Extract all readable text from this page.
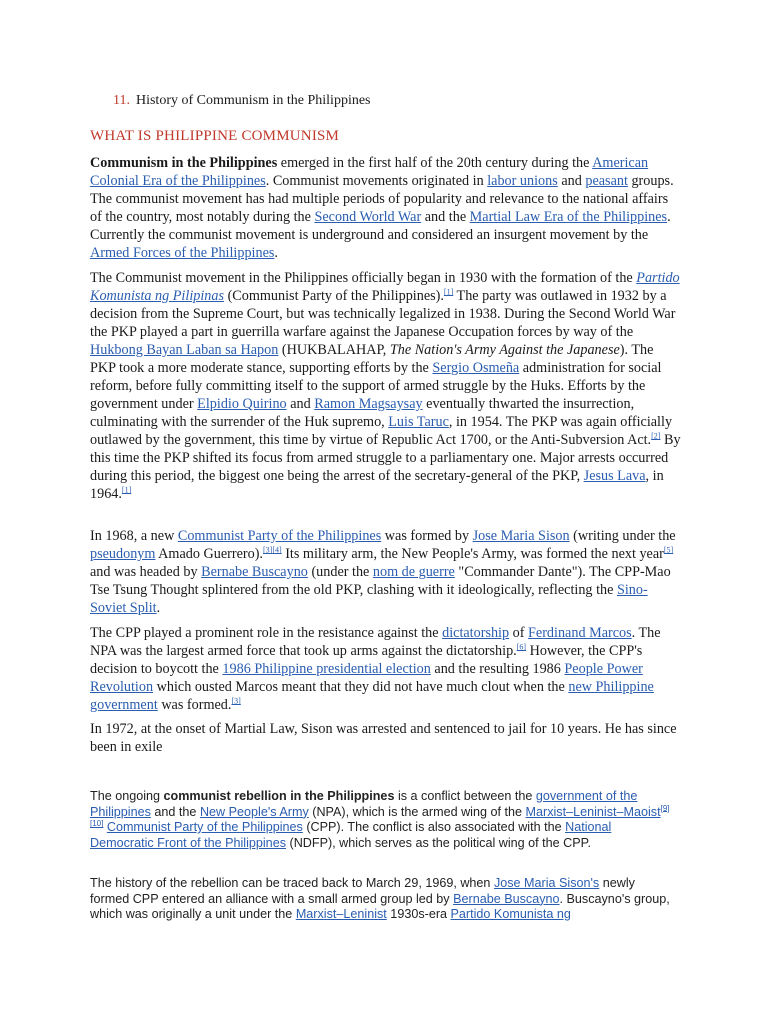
11. History of Communism in the Philippines
WHAT IS PHILIPPINE COMMUNISM
Communism in the Philippines emerged in the first half of the 20th century during the American Colonial Era of the Philippines. Communist movements originated in labor unions and peasant groups. The communist movement has had multiple periods of popularity and relevance to the national affairs of the country, most notably during the Second World War and the Martial Law Era of the Philippines. Currently the communist movement is underground and considered an insurgent movement by the Armed Forces of the Philippines.
The Communist movement in the Philippines officially began in 1930 with the formation of the Partido Komunista ng Pilipinas (Communist Party of the Philippines).[1] The party was outlawed in 1932 by a decision from the Supreme Court, but was technically legalized in 1938. During the Second World War the PKP played a part in guerrilla warfare against the Japanese Occupation forces by way of the Hukbong Bayan Laban sa Hapon (HUKBALAHAP, The Nation's Army Against the Japanese). The PKP took a more moderate stance, supporting efforts by the Sergio Osmeña administration for social reform, before fully committing itself to the support of armed struggle by the Huks. Efforts by the government under Elpidio Quirino and Ramon Magsaysay eventually thwarted the insurrection, culminating with the surrender of the Huk supremo, Luis Taruc, in 1954. The PKP was again officially outlawed by the government, this time by virtue of Republic Act 1700, or the Anti-Subversion Act.[2] By this time the PKP shifted its focus from armed struggle to a parliamentary one. Major arrests occurred during this period, the biggest one being the arrest of the secretary-general of the PKP, Jesus Lava, in 1964.[1]
In 1968, a new Communist Party of the Philippines was formed by Jose Maria Sison (writing under the pseudonym Amado Guerrero).[3][4] Its military arm, the New People's Army, was formed the next year[5] and was headed by Bernabe Buscayno (under the nom de guerre "Commander Dante"). The CPP-Mao Tse Tsung Thought splintered from the old PKP, clashing with it ideologically, reflecting the Sino-Soviet Split.
The CPP played a prominent role in the resistance against the dictatorship of Ferdinand Marcos. The NPA was the largest armed force that took up arms against the dictatorship.[6] However, the CPP's decision to boycott the 1986 Philippine presidential election and the resulting 1986 People Power Revolution which ousted Marcos meant that they did not have much clout when the new Philippine government was formed.[3]
In 1972, at the onset of Martial Law, Sison was arrested and sentenced to jail for 10 years. He has since been in exile
The ongoing communist rebellion in the Philippines is a conflict between the government of the Philippines and the New People's Army (NPA), which is the armed wing of the Marxist–Leninist–Maoist[9][10] Communist Party of the Philippines (CPP). The conflict is also associated with the National Democratic Front of the Philippines (NDFP), which serves as the political wing of the CPP.
The history of the rebellion can be traced back to March 29, 1969, when Jose Maria Sison's newly formed CPP entered an alliance with a small armed group led by Bernabe Buscayno. Buscayno's group, which was originally a unit under the Marxist–Leninist 1930s-era Partido Komunista ng
